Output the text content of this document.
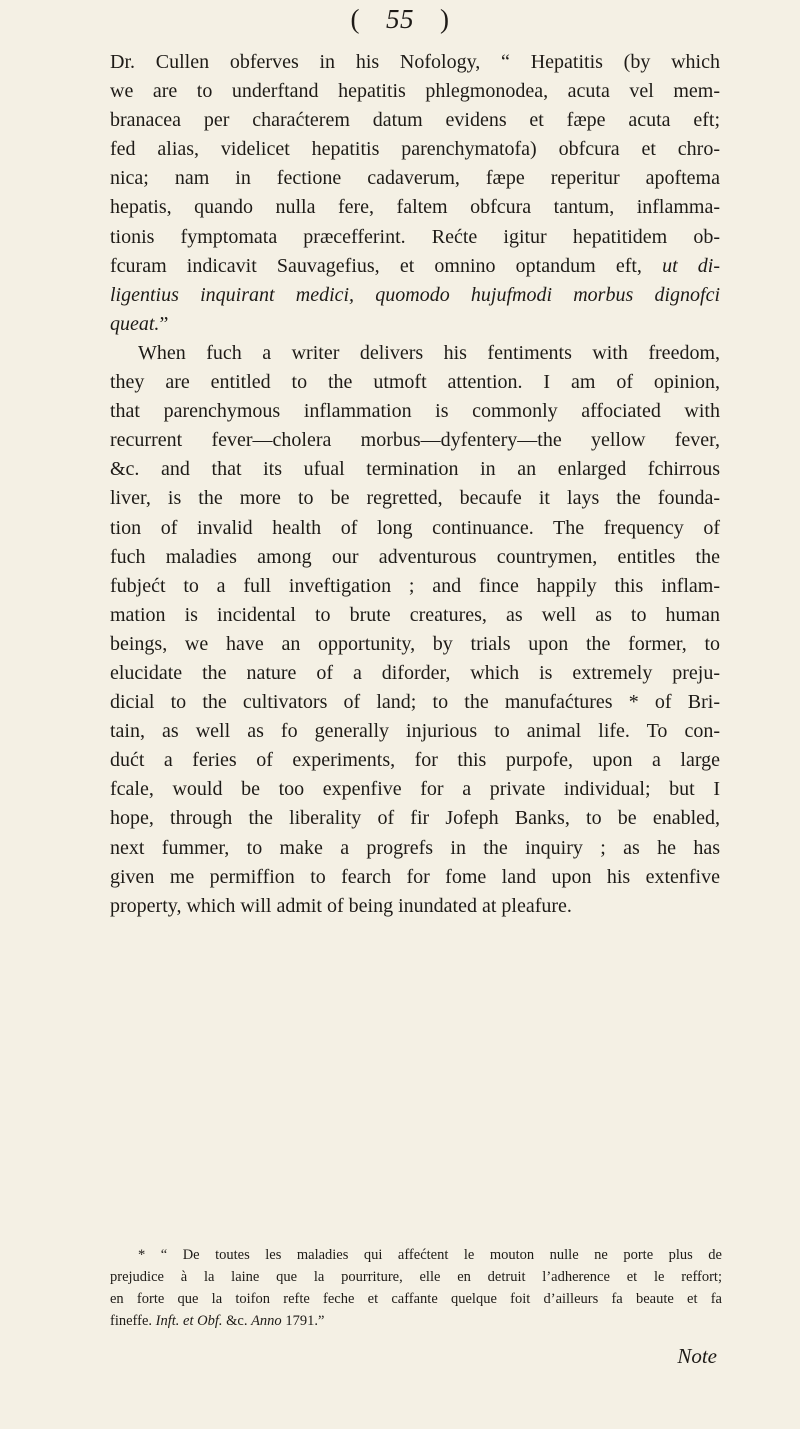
( 55 )
Dr. Cullen obferves in his Nofology, “ Hepatitis (by which
we are to underftand hepatitis phlegmonodea, acuta vel mem-
branacea per charaćterem datum evidens et fæpe acuta eft;
fed alias, videlicet hepatitis parenchymatofa) obfcura et chro-
nica; nam in fectione cadaverum, fæpe reperitur apoftema
hepatis, quando nulla fere, faltem obfcura tantum, inflamma-
tionis fymptomata præcefferint. Rećte igitur hepatitidem ob-
fcuram indicavit Sauvagefius, et omnino optandum eft, ut di-
ligentius inquirant medici, quomodo hujufmodi morbus dignofci
queat.”
When fuch a writer delivers his fentiments with freedom,
they are entitled to the utmoft attention. I am of opinion,
that parenchymous inflammation is commonly affociated with
recurrent fever—cholera morbus—dyfentery—the yellow fever,
&c. and that its ufual termination in an enlarged fchirrous
liver, is the more to be regretted, becaufe it lays the founda-
tion of invalid health of long continuance. The frequency of
fuch maladies among our adventurous countrymen, entitles the
fubjećt to a full inveftigation ; and fince happily this inflam-
mation is incidental to brute creatures, as well as to human
beings, we have an opportunity, by trials upon the former, to
elucidate the nature of a diforder, which is extremely preju-
dicial to the cultivators of land; to the manufaćtures * of Bri-
tain, as well as fo generally injurious to animal life. To con-
dućt a feries of experiments, for this purpofe, upon a large
fcale, would be too expenfive for a private individual; but I
hope, through the liberality of fir Jofeph Banks, to be enabled,
next fummer, to make a progrefs in the inquiry ; as he has
given me permiffion to fearch for fome land upon his extenfive
property, which will admit of being inundated at pleafure.
* “ De toutes les maladies qui affećtent le mouton nulle ne porte plus de
prejudice à la laine que la pourriture, elle en detruit l’adherence et le reffort;
en forte que la toifon refte feche et caffante quelque foit d’ailleurs fa beaute et fa
fineffe. Inft. et Obf. &c. Anno 1791.”
Note
